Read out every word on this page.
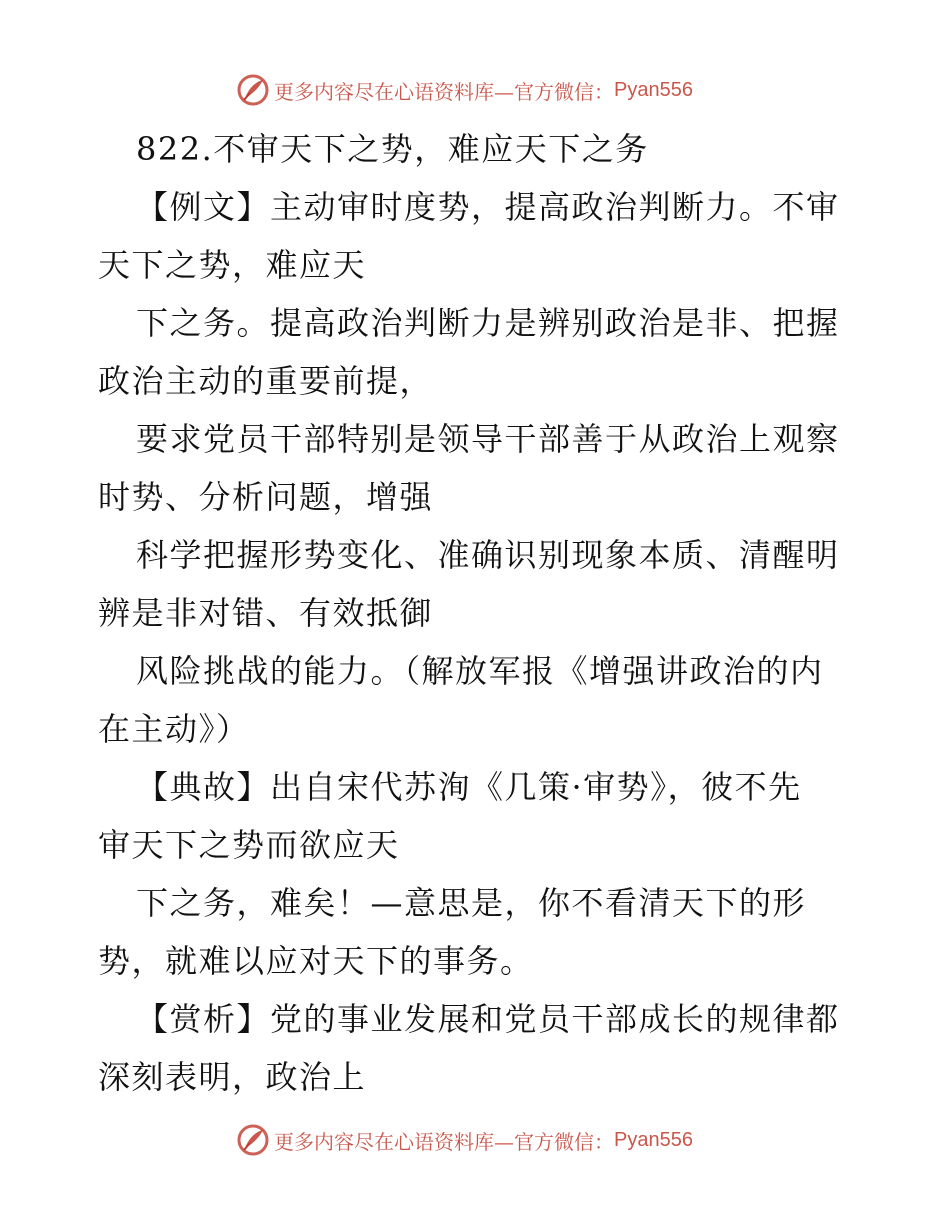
更多内容尽在心语资料库—官方微信： Pyan556
822.不审天下之势，难应天下之务
【例文】主动审时度势，提高政治判断力。不审
天下之势，难应天
下之务。提高政治判断力是辨别政治是非、把握
政治主动的重要前提，
要求党员干部特别是领导干部善于从政治上观察
时势、分析问题，增强
科学把握形势变化、准确识别现象本质、清醒明
辨是非对错、有效抵御
风险挑战的能力。（解放军报《增强讲政治的内
在主动》）
【典故】出自宋代苏洵《几策·审势》，彼不先
审天下之势而欲应天
下之务，难矣！—意思是，你不看清天下的形
势，就难以应对天下的事务。
【赏析】党的事业发展和党员干部成长的规律都
深刻表明，政治上
更多内容尽在心语资料库—官方微信： Pyan556
